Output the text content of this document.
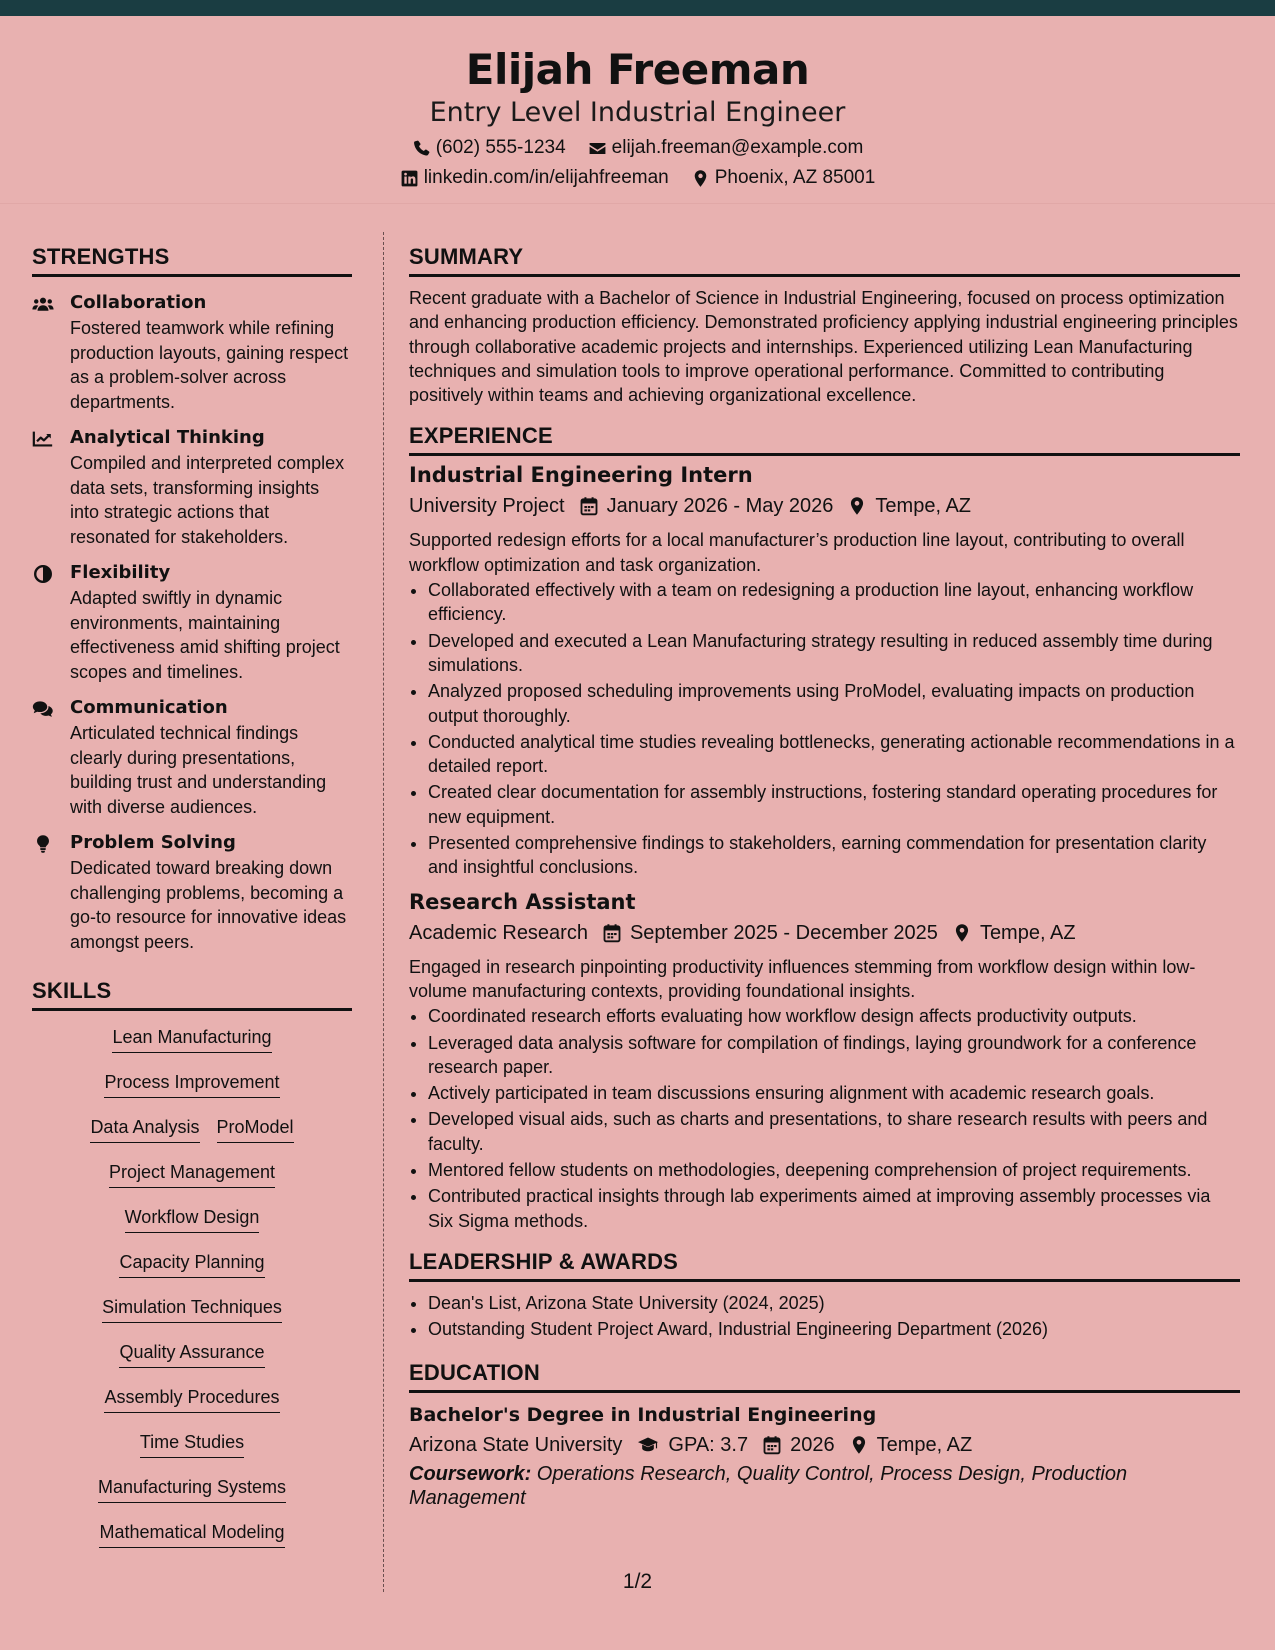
Elijah Freeman
Entry Level Industrial Engineer
(602) 555-1234 elijah.freeman@example.com
linkedin.com/in/elijahfreeman Phoenix, AZ 85001
STRENGTHS
Collaboration
Fostered teamwork while refining production layouts, gaining respect as a problem-solver across departments.
Analytical Thinking
Compiled and interpreted complex data sets, transforming insights into strategic actions that resonated for stakeholders.
Flexibility
Adapted swiftly in dynamic environments, maintaining effectiveness amid shifting project scopes and timelines.
Communication
Articulated technical findings clearly during presentations, building trust and understanding with diverse audiences.
Problem Solving
Dedicated toward breaking down challenging problems, becoming a go-to resource for innovative ideas amongst peers.
SKILLS
Lean Manufacturing
Process Improvement
Data Analysis ProModel
Project Management
Workflow Design
Capacity Planning
Simulation Techniques
Quality Assurance
Assembly Procedures
Time Studies
Manufacturing Systems
Mathematical Modeling
SUMMARY
Recent graduate with a Bachelor of Science in Industrial Engineering, focused on process optimization and enhancing production efficiency. Demonstrated proficiency applying industrial engineering principles through collaborative academic projects and internships. Experienced utilizing Lean Manufacturing techniques and simulation tools to improve operational performance. Committed to contributing positively within teams and achieving organizational excellence.
EXPERIENCE
Industrial Engineering Intern
University Project January 2026 - May 2026 Tempe, AZ
Supported redesign efforts for a local manufacturer’s production line layout, contributing to overall workflow optimization and task organization.
• Collaborated effectively with a team on redesigning a production line layout, enhancing workflow efficiency.
• Developed and executed a Lean Manufacturing strategy resulting in reduced assembly time during simulations.
• Analyzed proposed scheduling improvements using ProModel, evaluating impacts on production output thoroughly.
• Conducted analytical time studies revealing bottlenecks, generating actionable recommendations in a detailed report.
• Created clear documentation for assembly instructions, fostering standard operating procedures for new equipment.
• Presented comprehensive findings to stakeholders, earning commendation for presentation clarity and insightful conclusions.
Research Assistant
Academic Research September 2025 - December 2025 Tempe, AZ
Engaged in research pinpointing productivity influences stemming from workflow design within low-volume manufacturing contexts, providing foundational insights.
• Coordinated research efforts evaluating how workflow design affects productivity outputs.
• Leveraged data analysis software for compilation of findings, laying groundwork for a conference research paper.
• Actively participated in team discussions ensuring alignment with academic research goals.
• Developed visual aids, such as charts and presentations, to share research results with peers and faculty.
• Mentored fellow students on methodologies, deepening comprehension of project requirements.
• Contributed practical insights through lab experiments aimed at improving assembly processes via Six Sigma methods.
LEADERSHIP & AWARDS
• Dean's List, Arizona State University (2024, 2025)
• Outstanding Student Project Award, Industrial Engineering Department (2026)
EDUCATION
Bachelor's Degree in Industrial Engineering
Arizona State University GPA: 3.7 2026 Tempe, AZ
Coursework: Operations Research, Quality Control, Process Design, Production Management
1/2
